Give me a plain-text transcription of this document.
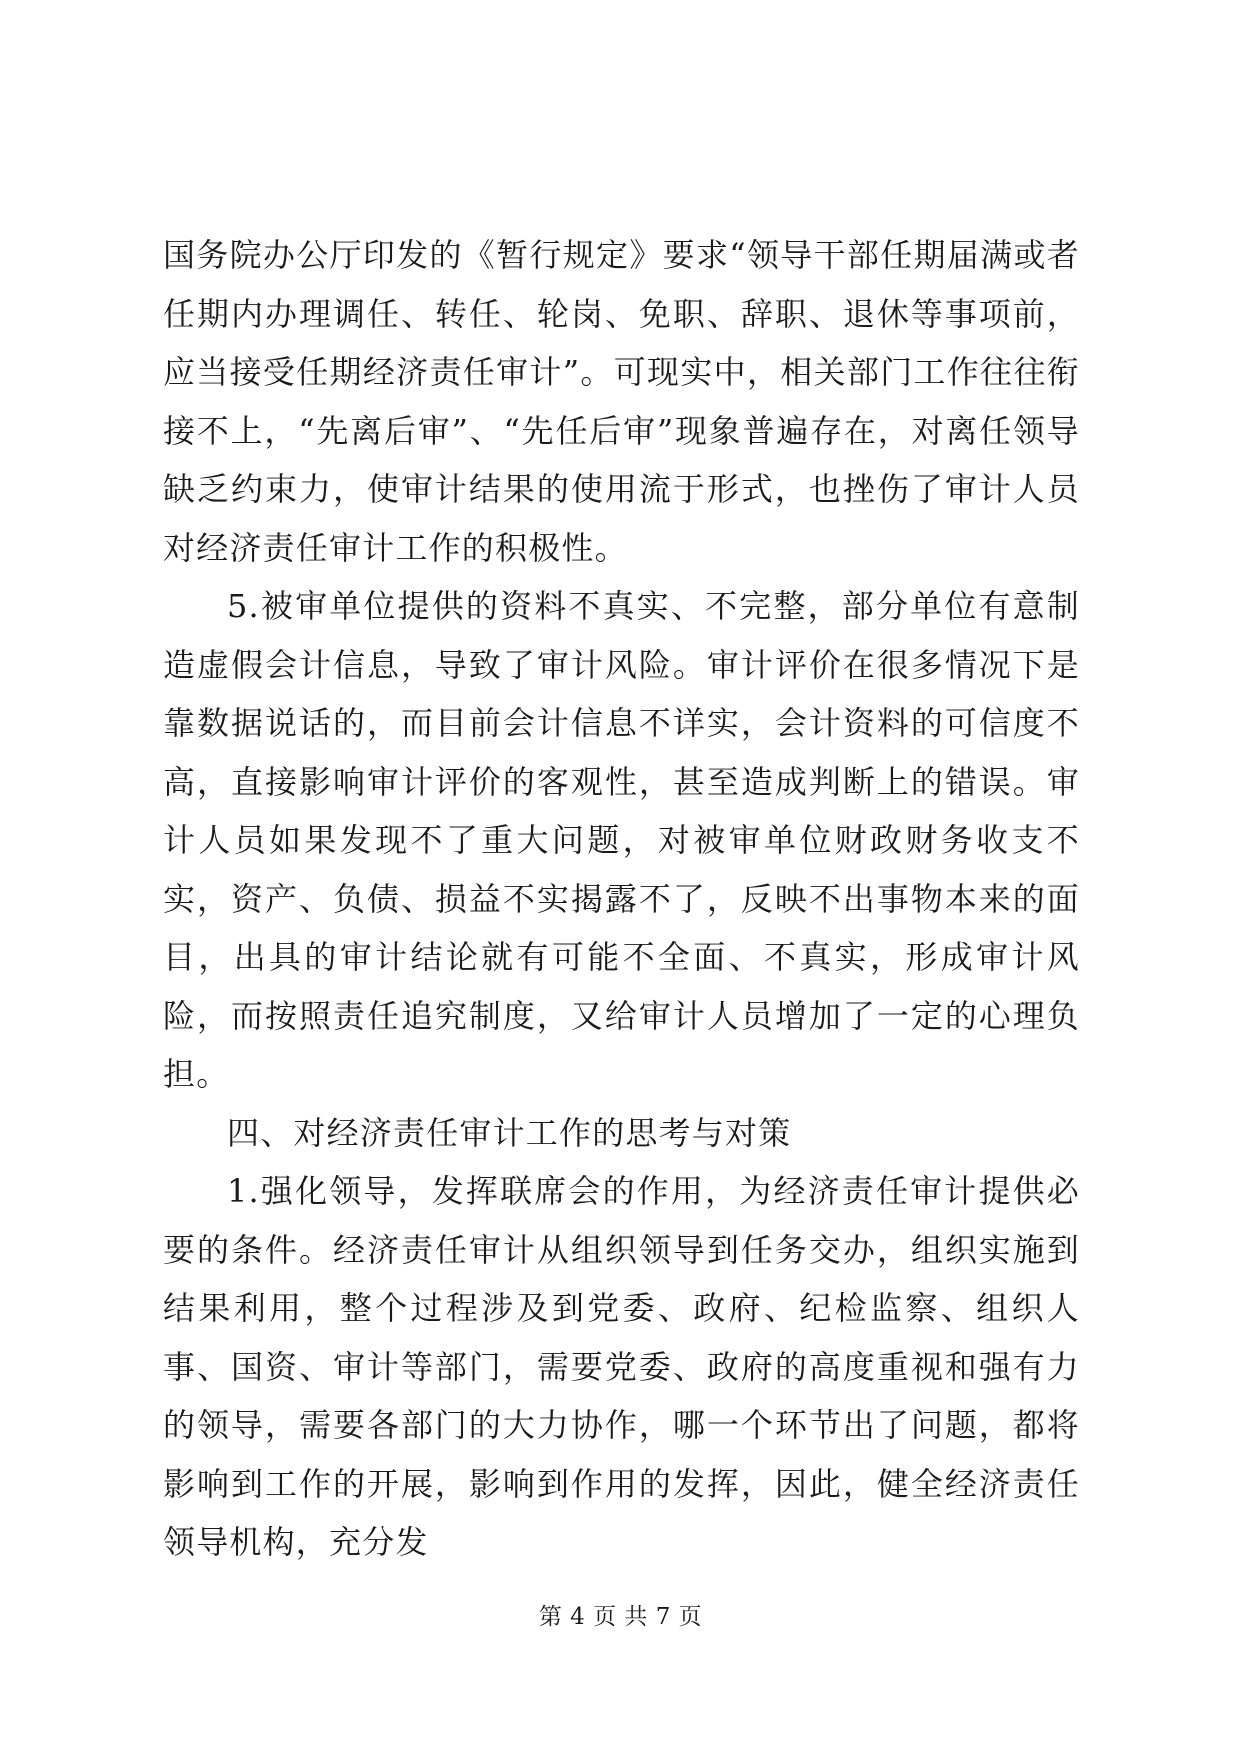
国务院办公厅印发的《暂行规定》要求“领导干部任期届满或者任期内办理调任、转任、轮岗、免职、辞职、退休等事项前，应当接受任期经济责任审计”。可现实中，相关部门工作往往衔接不上，“先离后审”、“先任后审”现象普遍存在，对离任领导缺乏约束力，使审计结果的使用流于形式，也挫伤了审计人员对经济责任审计工作的积极性。

5.被审单位提供的资料不真实、不完整，部分单位有意制造虚假会计信息，导致了审计风险。审计评价在很多情况下是靠数据说话的，而目前会计信息不详实，会计资料的可信度不高，直接影响审计评价的客观性，甚至造成判断上的错误。审计人员如果发现不了重大问题，对被审单位财政财务收支不实，资产、负债、损益不实揭露不了，反映不出事物本来的面目，出具的审计结论就有可能不全面、不真实，形成审计风险，而按照责任追究制度，又给审计人员增加了一定的心理负担。

四、对经济责任审计工作的思考与对策

1.强化领导，发挥联席会的作用，为经济责任审计提供必要的条件。经济责任审计从组织领导到任务交办，组织实施到结果利用，整个过程涉及到党委、政府、纪检监察、组织人事、国资、审计等部门，需要党委、政府的高度重视和强有力的领导，需要各部门的大力协作，哪一个环节出了问题，都将影响到工作的开展，影响到作用的发挥，因此，健全经济责任领导机构，充分发

第 4 页 共 7 页
